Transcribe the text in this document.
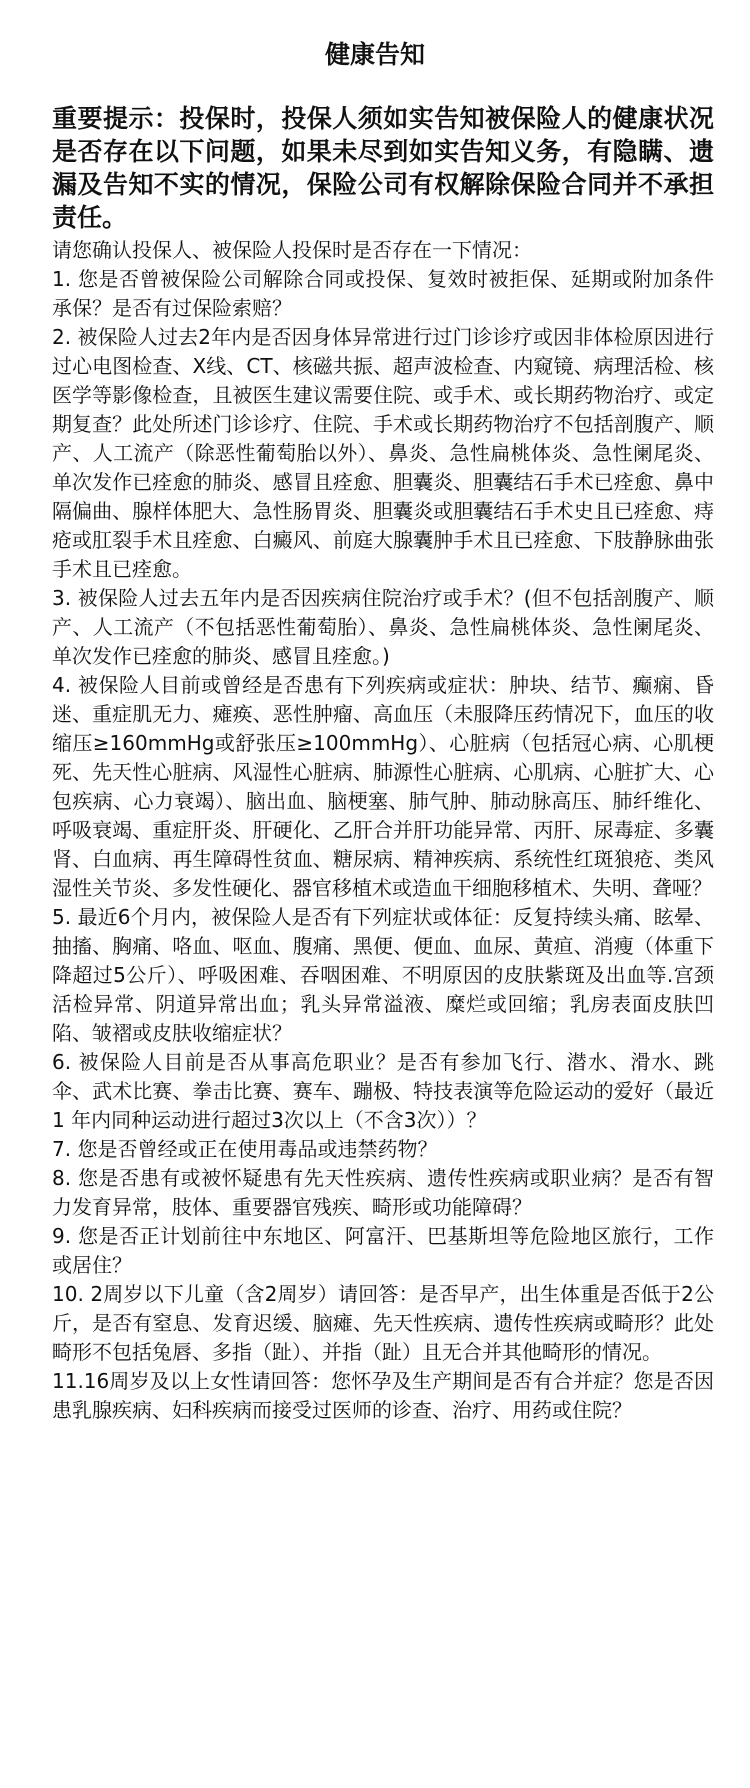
健康告知

重要提示：投保时，投保人须如实告知被保险人的健康状况是否存在以下问题，如果未尽到如实告知义务，有隐瞒、遗漏及告知不实的情况，保险公司有权解除保险合同并不承担责任。

请您确认投保人、被保险人投保时是否存在一下情况：

1. 您是否曾被保险公司解除合同或投保、复效时被拒保、延期或附加条件承保？是否有过保险索赔？
2. 被保险人过去2年内是否因身体异常进行过门诊诊疗或因非体检原因进行过心电图检查、X线、CT、核磁共振、超声波检查、内窥镜、病理活检、核医学等影像检查，且被医生建议需要住院、或手术、或长期药物治疗、或定期复查？此处所述门诊诊疗、住院、手术或长期药物治疗不包括剖腹产、顺产、人工流产（除恶性葡萄胎以外）、鼻炎、急性扁桃体炎、急性阑尾炎、单次发作已痊愈的肺炎、感冒且痊愈、胆囊炎、胆囊结石手术已痊愈、鼻中隔偏曲、腺样体肥大、急性肠胃炎、胆囊炎或胆囊结石手术史且已痊愈、痔疮或肛裂手术且痊愈、白癜风、前庭大腺囊肿手术且已痊愈、下肢静脉曲张手术且已痊愈。
3. 被保险人过去五年内是否因疾病住院治疗或手术？(但不包括剖腹产、顺产、人工流产（不包括恶性葡萄胎）、鼻炎、急性扁桃体炎、急性阑尾炎、单次发作已痊愈的肺炎、感冒且痊愈。)
4. 被保险人目前或曾经是否患有下列疾病或症状：肿块、结节、癫痫、昏迷、重症肌无力、瘫痪、恶性肿瘤、高血压（未服降压药情况下，血压的收缩压≥160mmHg或舒张压≥100mmHg）、心脏病（包括冠心病、心肌梗死、先天性心脏病、风湿性心脏病、肺源性心脏病、心肌病、心脏扩大、心包疾病、心力衰竭）、脑出血、脑梗塞、肺气肿、肺动脉高压、肺纤维化、呼吸衰竭、重症肝炎、肝硬化、乙肝合并肝功能异常、丙肝、尿毒症、多囊肾、白血病、再生障碍性贫血、糖尿病、精神疾病、系统性红斑狼疮、类风湿性关节炎、多发性硬化、器官移植术或造血干细胞移植术、失明、聋哑？
5. 最近6个月内，被保险人是否有下列症状或体征：反复持续头痛、眩晕、抽搐、胸痛、咯血、呕血、腹痛、黑便、便血、血尿、黄疸、消瘦（体重下降超过5公斤）、呼吸困难、吞咽困难、不明原因的皮肤紫斑及出血等.宫颈活检异常、阴道异常出血；乳头异常溢液、糜烂或回缩；乳房表面皮肤凹陷、皱褶或皮肤收缩症状？
6. 被保险人目前是否从事高危职业？是否有参加飞行、潜水、滑水、跳伞、武术比赛、拳击比赛、赛车、蹦极、特技表演等危险运动的爱好（最近1 年内同种运动进行超过3次以上（不含3次））？
7. 您是否曾经或正在使用毒品或违禁药物？
8. 您是否患有或被怀疑患有先天性疾病、遗传性疾病或职业病？是否有智力发育异常，肢体、重要器官残疾、畸形或功能障碍？
9. 您是否正计划前往中东地区、阿富汗、巴基斯坦等危险地区旅行，工作或居住？
10. 2周岁以下儿童（含2周岁）请回答：是否早产，出生体重是否低于2公斤，是否有窒息、发育迟缓、脑瘫、先天性疾病、遗传性疾病或畸形？此处畸形不包括兔唇、多指（趾）、并指（趾）且无合并其他畸形的情况。
11.16周岁及以上女性请回答：您怀孕及生产期间是否有合并症？您是否因患乳腺疾病、妇科疾病而接受过医师的诊查、治疗、用药或住院？
